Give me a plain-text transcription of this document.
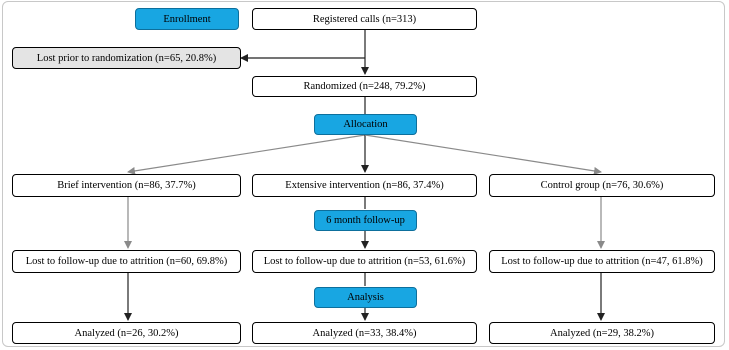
Enrollment
Allocation
6 month follow-up
Analysis
Registered calls (n=313)
Lost prior to randomization (n=65, 20.8%)
Randomized (n=248, 79.2%)
Brief intervention (n=86, 37.7%)	Extensive intervention (n=86, 37.4%)	Control group (n=76, 30.6%)
Lost to follow-up due to attrition (n=60, 69.8%)	Lost to follow-up due to attrition (n=53, 61.6%)	Lost to follow-up due to attrition (n=47, 61.8%)
Analyzed (n=26, 30.2%)	Analyzed (n=33, 38.4%)	Analyzed (n=29, 38.2%)
